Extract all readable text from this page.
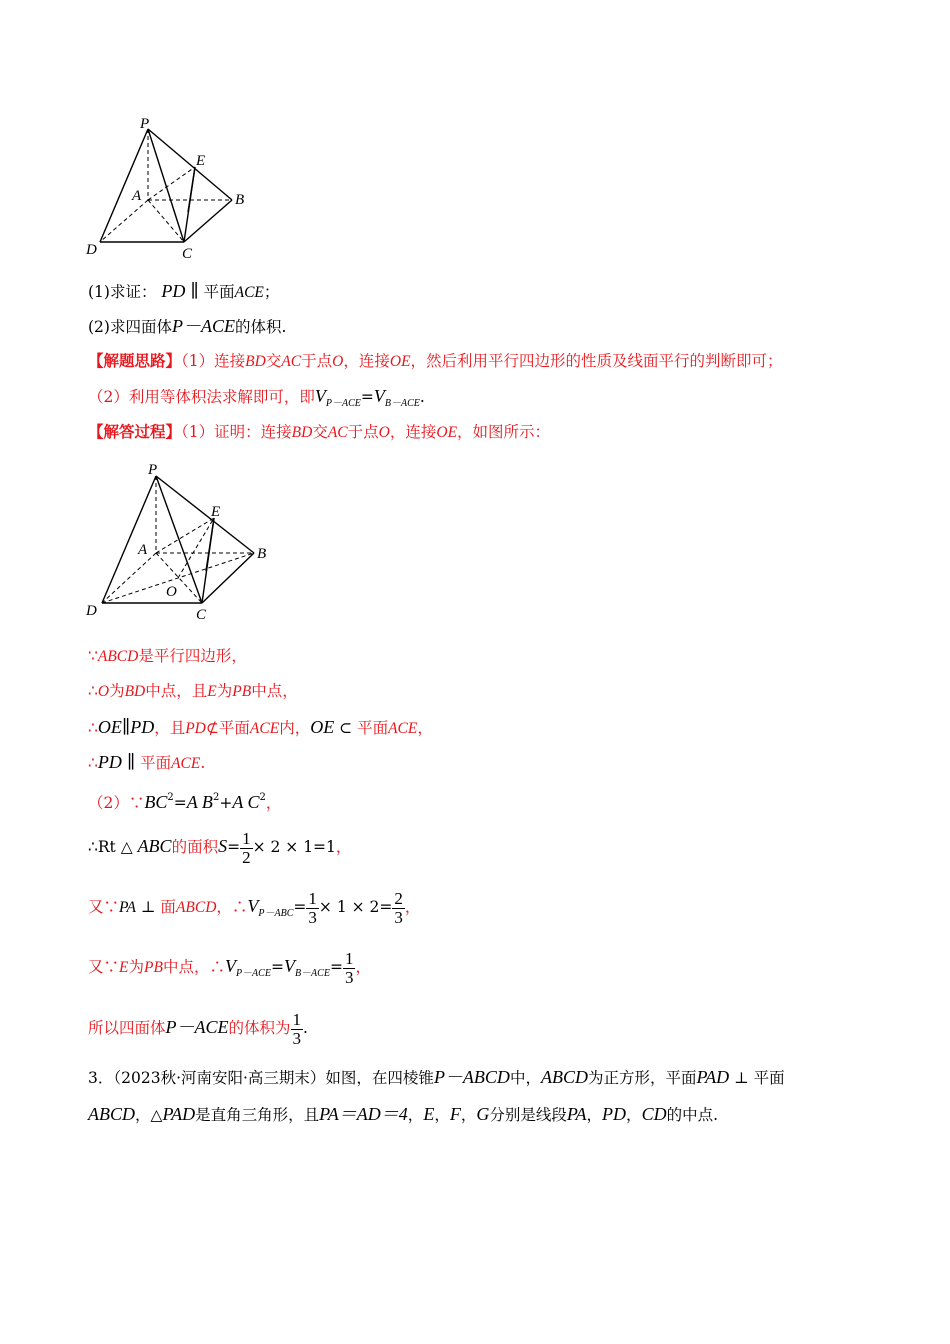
P
E
A	B
D	C
(1)求证： PD ∥ 平面ACE；
(2)求四面体P－ACE的体积.
【解题思路】（1）连接BD交AC于点O，连接OE，然后利用平行四边形的性质及线面平行的判断即可；
（2）利用等体积法求解即可，即$V_{P-ACE}=V_{B-ACE}$.
【解答过程】（1）证明：连接BD交AC于点O，连接OE，如图所示：
P
E
A	B
O
D	C
∵ABCD是平行四边形，
∴O为BD中点，且E为PB中点，
∴OE∥PD，且PD⊄平面ACE内，OE ⊂ 平面ACE，
∴PD ∥ 平面ACE.
$(2)\because BC^2=A$ $B^2+A$ $C^2$，
∴Rt △ ABC的面积$S= \frac{1}{2} \times 2 \times 1=1$，
又∵PA ⊥ 面ABCD，$\therefore V_{P-ABC}= \frac{1}{3} \times 1 \times 2= \frac{2}{3}$ ，
又∵E为PB中点，$\therefore V_{P-ACE}=V_{B-ACE}= \frac{1}{3}$ ，
所以四面体P－ACE的体积为 $\frac{1}{3}$ .
3．（2023秋·河南安阳·高三期末）如图，在四棱锥P－ABCD中，ABCD为正方形，平面PAD ⊥ 平面
ABCD，△PAD是直角三角形，且PA＝AD＝4，E，F，G分别是线段PA，PD，CD的中点.
